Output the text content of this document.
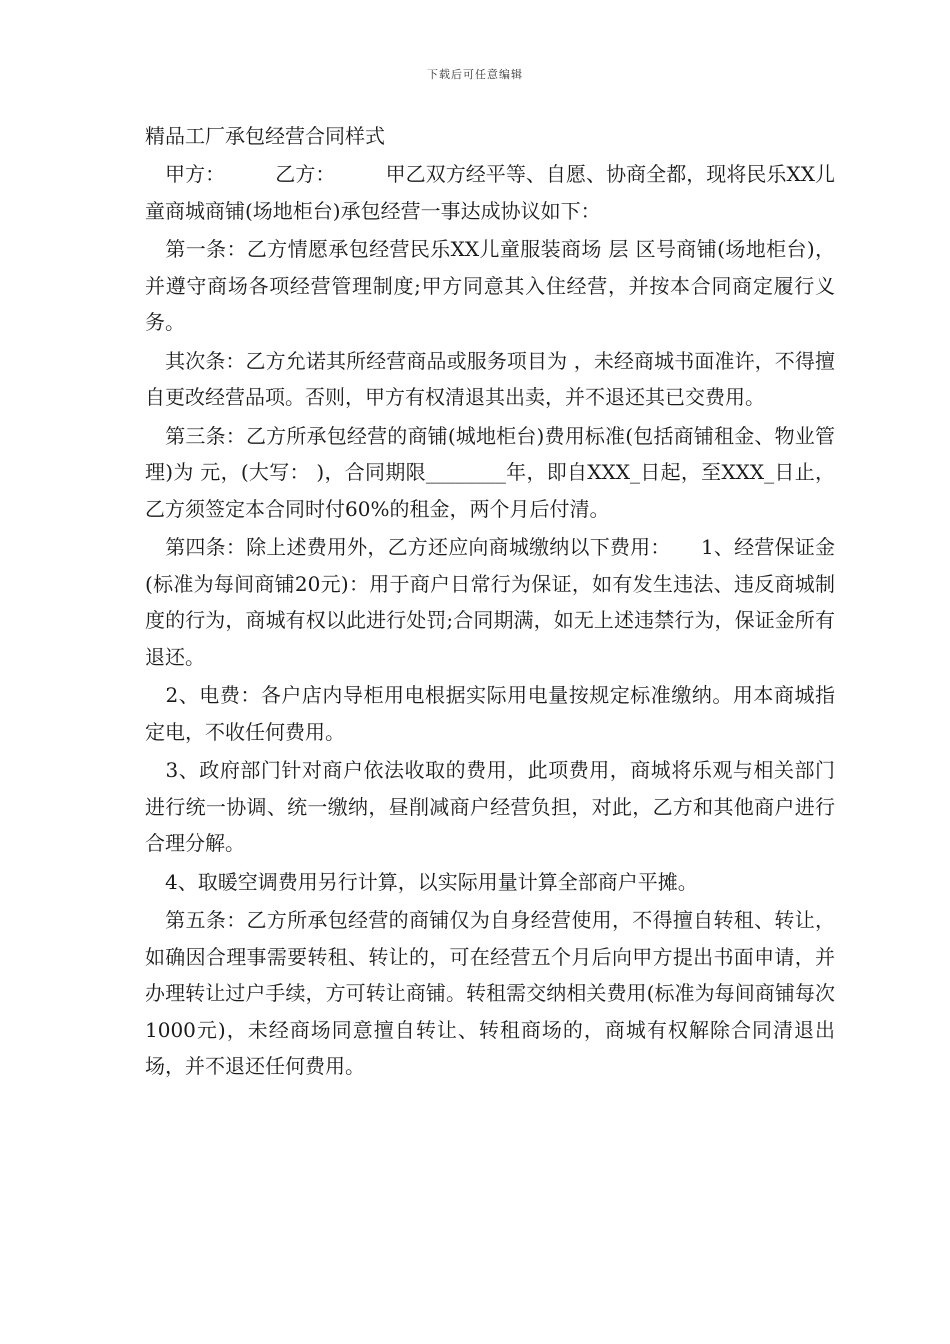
下载后可任意编辑
精品工厂承包经营合同样式
　甲方：　　　乙方：　　　甲乙双方经平等、自愿、协商全都，现将民乐XX儿童商城商铺(场地柜台)承包经营一事达成协议如下：
　第一条：乙方情愿承包经营民乐XX儿童服装商场 层 区号商铺(场地柜台)，并遵守商场各项经营管理制度;甲方同意其入住经营，并按本合同商定履行义务。
　其次条：乙方允诺其所经营商品或服务项目为 ，未经商城书面准许，不得擅自更改经营品项。否则，甲方有权清退其出卖，并不退还其已交费用。
　第三条：乙方所承包经营的商铺(城地柜台)费用标准(包括商铺租金、物业管理)为 元，(大写： )，合同期限________年，即自XXX_日起，至XXX_日止，乙方须签定本合同时付60%的租金，两个月后付清。
　第四条：除上述费用外，乙方还应向商城缴纳以下费用：　　1、经营保证金(标准为每间商铺20元)：用于商户日常行为保证，如有发生违法、违反商城制度的行为，商城有权以此进行处罚;合同期满，如无上述违禁行为，保证金所有退还。
　2、电费：各户店内导柜用电根据实际用电量按规定标准缴纳。用本商城指定电，不收任何费用。
　3、政府部门针对商户依法收取的费用，此项费用，商城将乐观与相关部门进行统一协调、统一缴纳，昼削减商户经营负担，对此，乙方和其他商户进行合理分解。
　4、取暖空调费用另行计算，以实际用量计算全部商户平摊。
　第五条：乙方所承包经营的商铺仅为自身经营使用，不得擅自转租、转让，如确因合理事需要转租、转让的，可在经营五个月后向甲方提出书面申请，并办理转让过户手续，方可转让商铺。转租需交纳相关费用(标准为每间商铺每次1000元)，未经商场同意擅自转让、转租商场的，商城有权解除合同清退出场，并不退还任何费用。
